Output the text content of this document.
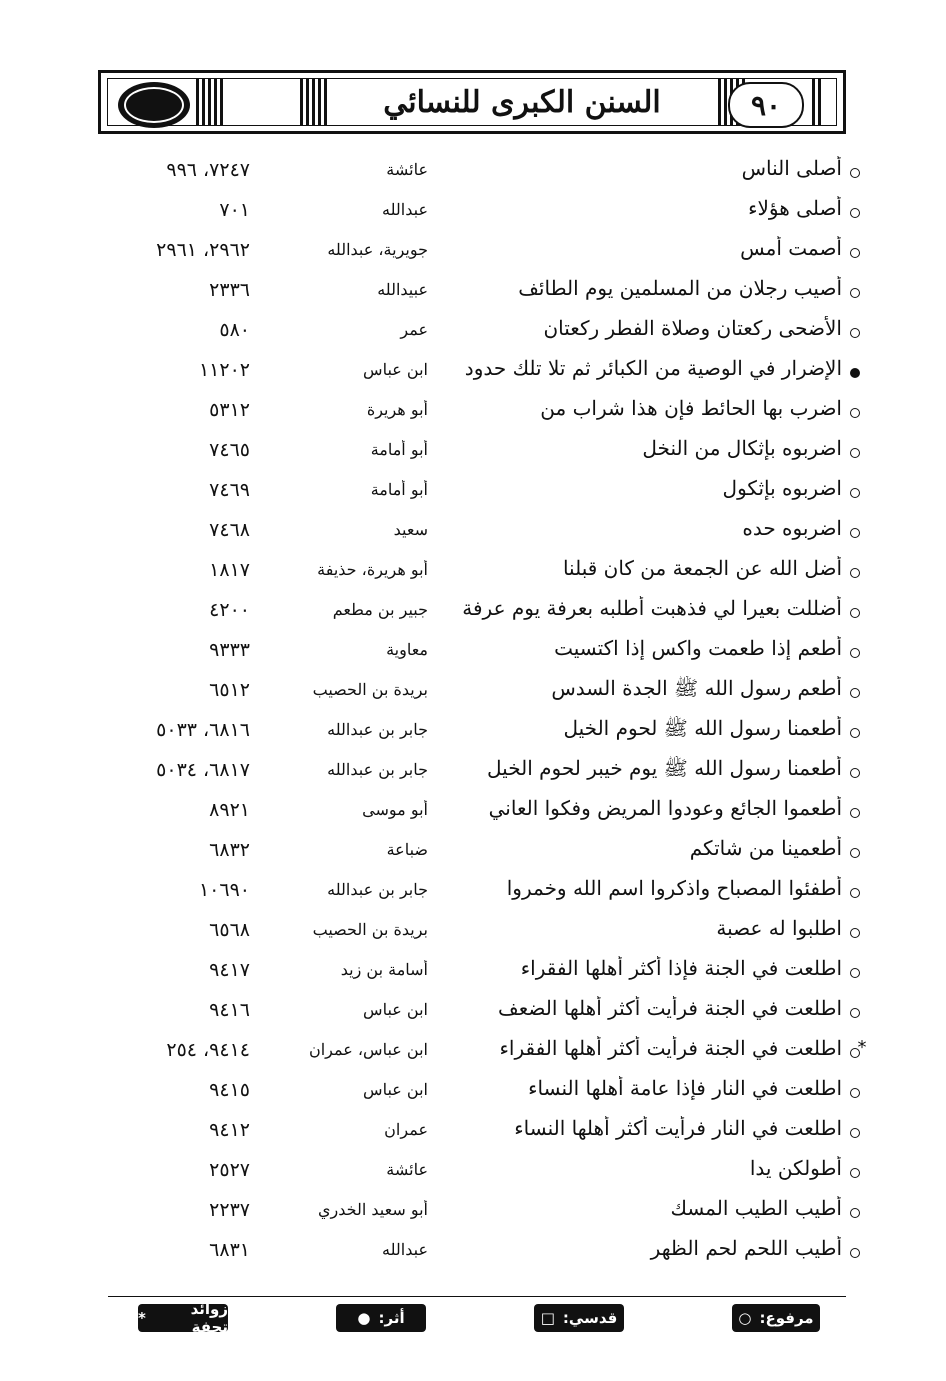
السنن الكبرى للنسائي	٩٠
أصلى الناس
عائشة
٧٢٤٧، ٩٩٦
أصلى هؤلاء
عبدالله
٧٠١
أصمت أمس
جويرية، عبدالله
٢٩٦٢، ٢٩٦١
أصيب رجلان من المسلمين يوم الطائف
عبيدالله
٢٣٣٦
الأضحى ركعتان وصلاة الفطر ركعتان
عمر
٥٨٠
الإضرار في الوصية من الكبائر ثم تلا تلك حدود
ابن عباس
١١٢٠٢
اضرب بها الحائط فإن هذا شراب من
أبو هريرة
٥٣١٢
اضربوه بإثكال من النخل
أبو أمامة
٧٤٦٥
اضربوه بإثكول
أبو أمامة
٧٤٦٩
اضربوه حده
سعيد
٧٤٦٨
أضل الله عن الجمعة من كان قبلنا
أبو هريرة، حذيفة
١٨١٧
أضللت بعيرا لي فذهبت أطلبه بعرفة يوم عرفة
جبير بن مطعم
٤٢٠٠
أطعم إذا طعمت واكس إذا اكتسيت
معاوية
٩٣٣٣
أطعم رسول الله ﷺ الجدة السدس
بريدة بن الحصيب
٦٥١٢
أطعمنا رسول الله ﷺ لحوم الخيل
جابر بن عبدالله
٦٨١٦، ٥٠٣٣
أطعمنا رسول الله ﷺ يوم خيبر لحوم الخيل
جابر بن عبدالله
٦٨١٧، ٥٠٣٤
أطعموا الجائع وعودوا المريض وفكوا العاني
أبو موسى
٨٩٢١
أطعمينا من شاتكم
ضباعة
٦٨٣٢
أطفئوا المصباح واذكروا اسم الله وخمروا
جابر بن عبدالله
١٠٦٩٠
اطلبوا له عصبة
بريدة بن الحصيب
٦٥٦٨
اطلعت في الجنة فإذا أكثر أهلها الفقراء
أسامة بن زيد
٩٤١٧
اطلعت في الجنة فرأيت أكثر أهلها الضعف
ابن عباس
٩٤١٦
*
اطلعت في الجنة فرأيت أكثر أهلها الفقراء
ابن عباس، عمران
٩٤١٤، ٢٥٤
اطلعت في النار فإذا عامة أهلها النساء
ابن عباس
٩٤١٥
اطلعت في النار فرأيت أكثر أهلها النساء
عمران
٩٤١٢
أطولكن يدا
عائشة
٢٥٢٧
أطيب الطيب المسك
أبو سعيد الخدري
٢٢٣٧
أطيب اللحم لحم الظهر
عبدالله
٦٨٣١
مرفوع:
○
قدسي:
□
أثر:
●
زوائد تحفة
*
